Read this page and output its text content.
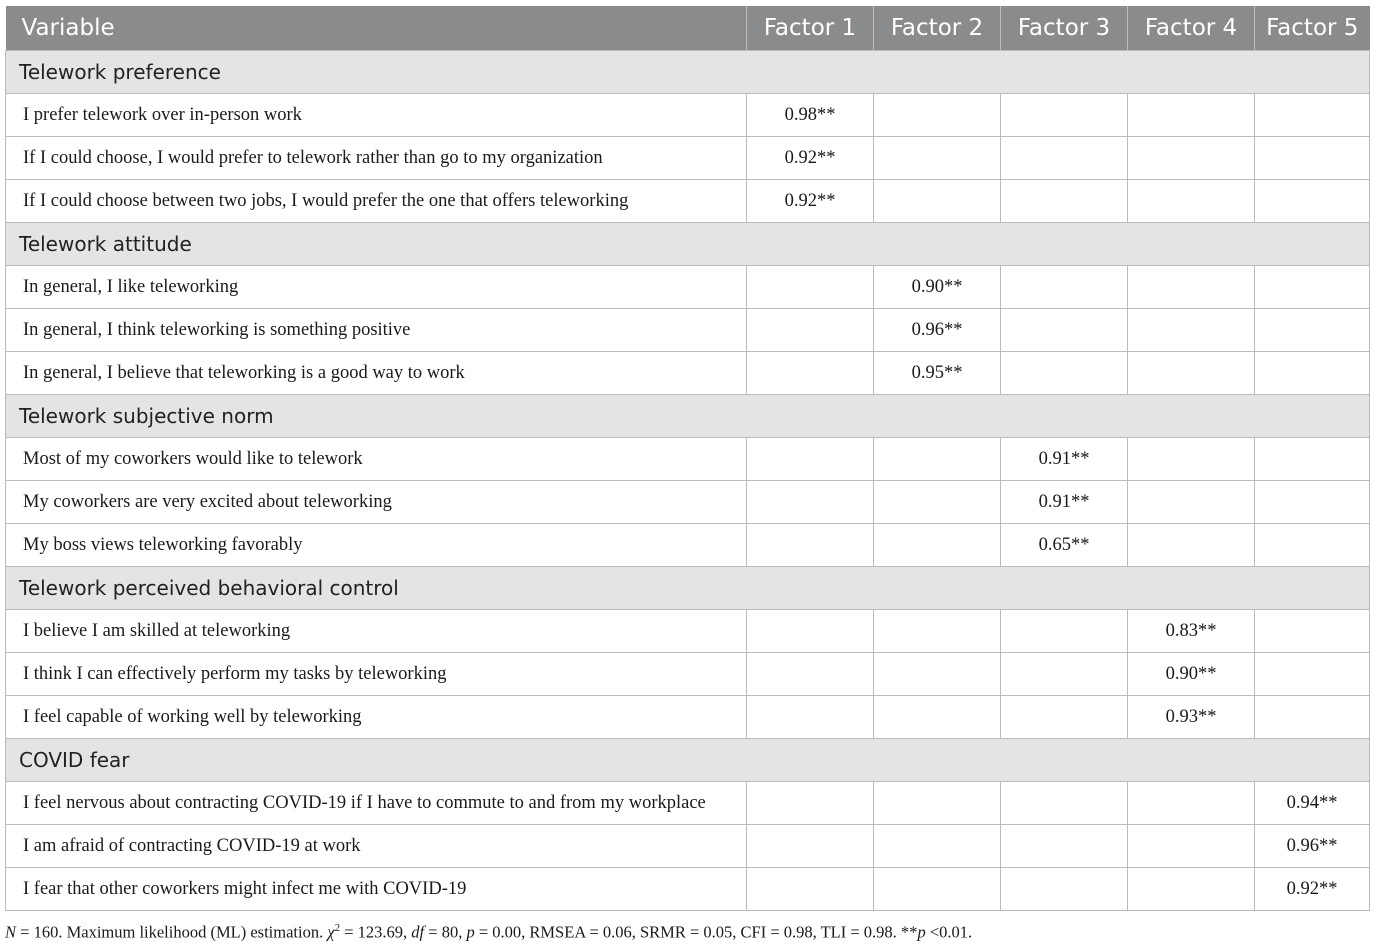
Variable	Factor 1	Factor 2	Factor 3	Factor 4	Factor 5
Telework preference					
I prefer telework over in-person work	0.98**				
If I could choose, I would prefer to telework rather than go to my organization	0.92**				
If I could choose between two jobs, I would prefer the one that offers teleworking	0.92**				
Telework attitude					
In general, I like teleworking		0.90**			
In general, I think teleworking is something positive		0.96**			
In general, I believe that teleworking is a good way to work		0.95**			
Telework subjective norm					
Most of my coworkers would like to telework			0.91**		
My coworkers are very excited about teleworking			0.91**		
My boss views teleworking favorably			0.65**		
Telework perceived behavioral control					
I believe I am skilled at teleworking				0.83**	
I think I can effectively perform my tasks by teleworking				0.90**	
I feel capable of working well by teleworking				0.93**	
COVID fear					
I feel nervous about contracting COVID-19 if I have to commute to and from my workplace					0.94**
I am afraid of contracting COVID-19 at work					0.96**
I fear that other coworkers might infect me with COVID-19					0.92**
N = 160. Maximum likelihood (ML) estimation. $\chi^2 = 123.69$, df = 80, p = 0.00, RMSEA = 0.06, SRMR = 0.05, CFI = 0.98, TLI = 0.98. **p <0.01.
